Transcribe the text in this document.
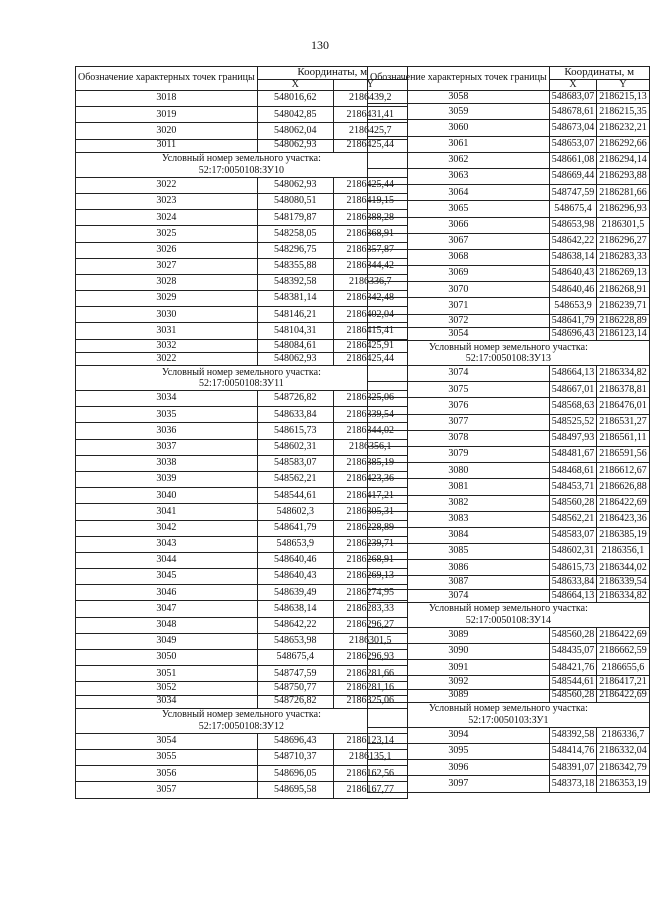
130
Обозначение характерных точек границы	Координаты, м	
	X	Y
3018	548016,62	2186439,2
3019	548042,85	2186431,41
3020	548062,04	2186425,7
3011	548062,93	2186425,44

Условный номер земельного участка:
52:17:0050108:ЗУ10		

3022	548062,93	2186425,44
3023	548080,51	2186419,15
3024	548179,87	2186388,28
3025	548258,05	2186368,91
3026	548296,75	2186357,87
3027	548355,88	2186344,42
3028	548392,58	2186336,7
3029	548381,14	2186342,48
3030	548146,21	2186402,04
3031	548104,31	2186415,41
3032	548084,61	2186425,91
3022	548062,93	2186425,44

Условный номер земельного участка:
52:17:0050108:ЗУ11		

3034	548726,82	2186325,06
3035	548633,84	2186339,54
3036	548615,73	2186344,02
3037	548602,31	2186356,1
3038	548583,07	2186385,19
3039	548562,21	2186423,36
3040	548544,61	2186417,21
3041	548602,3	2186305,31
3042	548641,79	2186228,89
3043	548653,9	2186239,71
3044	548640,46	2186268,91
3045	548640,43	2186269,13
3046	548639,49	2186274,95
3047	548638,14	2186283,33
3048	548642,22	2186296,27
3049	548653,98	2186301,5
3050	548675,4	2186296,93
3051	548747,59	2186281,66
3052	548750,77	2186281,16
3034	548726,82	2186325,06

Условный номер земельного участка:
52:17:0050108:ЗУ12		

3054	548696,43	2186123,14
3055	548710,37	2186135,1
3056	548696,05	2186162,56
3057	548695,58	2186167,77
Обозначение характерных точек границы	Координаты, м	
	X	Y
3058	548683,07	2186215,13
3059	548678,61	2186215,35
3060	548673,04	2186232,21
3061	548653,07	2186292,66
3062	548661,08	2186294,14
3063	548669,44	2186293,88
3064	548747,59	2186281,66
3065	548675,4	2186296,93
3066	548653,98	2186301,5
3067	548642,22	2186296,27
3068	548638,14	2186283,33
3069	548640,43	2186269,13
3070	548640,46	2186268,91
3071	548653,9	2186239,71
3072	548641,79	2186228,89
3054	548696,43	2186123,14

Условный номер земельного участка:
52:17:0050108:ЗУ13		

3074	548664,13	2186334,82
3075	548667,01	2186378,81
3076	548568,63	2186476,01
3077	548525,52	2186531,27
3078	548497,93	2186561,11
3079	548481,67	2186591,56
3080	548468,61	2186612,67
3081	548453,71	2186626,88
3082	548560,28	2186422,69
3083	548562,21	2186423,36
3084	548583,07	2186385,19
3085	548602,31	2186356,1
3086	548615,73	2186344,02
3087	548633,84	2186339,54
3074	548664,13	2186334,82

Условный номер земельного участка:
52:17:0050108:ЗУ14		

3089	548560,28	2186422,69
3090	548435,07	2186662,59
3091	548421,76	2186655,6
3092	548544,61	2186417,21
3089	548560,28	2186422,69

Условный номер земельного участка:
52:17:0050103:ЗУ1		

3094	548392,58	2186336,7
3095	548414,76	2186332,04
3096	548391,07	2186342,79
3097	548373,18	2186353,19
